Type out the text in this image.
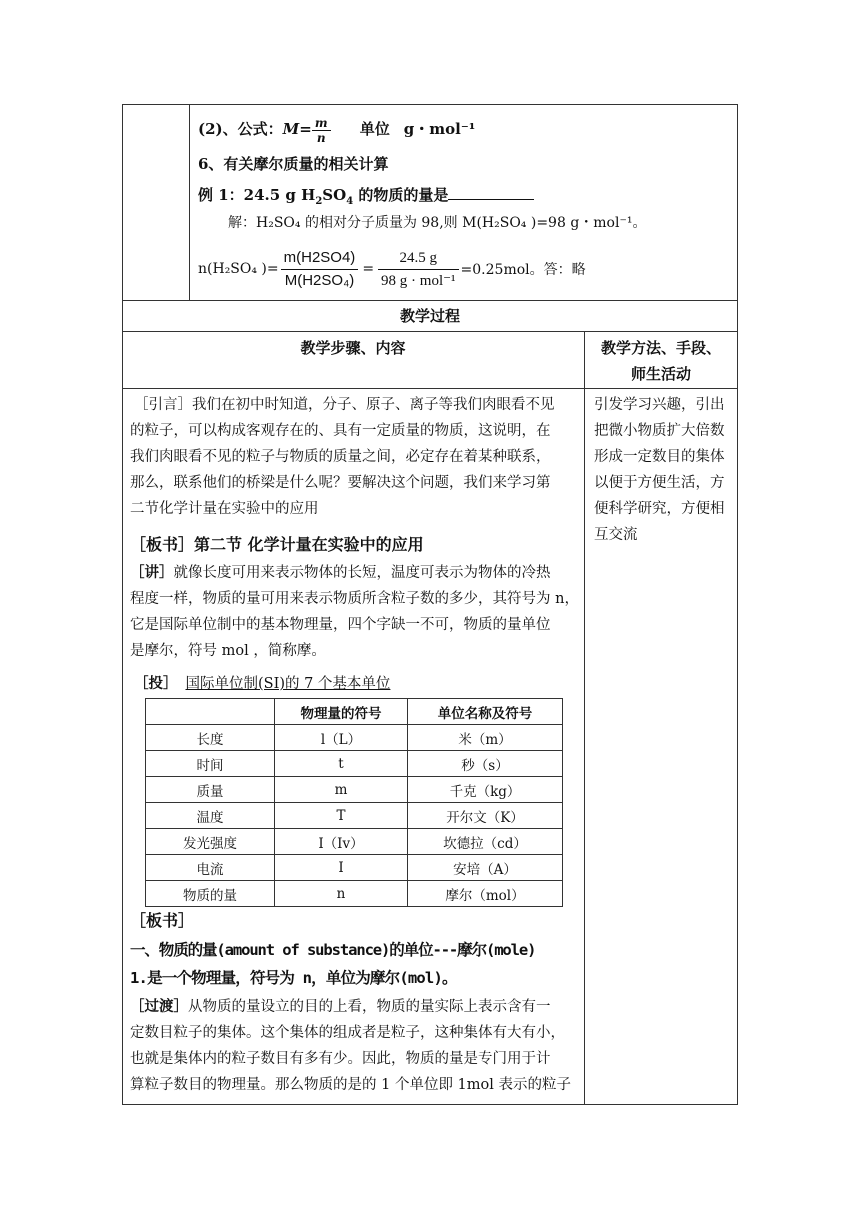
(2)、公式：$M= \frac{m}{n}$ 单位 g・mol⁻¹
6、有关摩尔质量的相关计算
例 1：24.5 g $H_2SO_4$ 的物质的量是
解：H₂SO₄ 的相对分子质量为 98,则 M(H₂SO₄ )=98 g・mol⁻¹。
n(H₂SO₄ )= $\frac{m(H2SO4)}{\text{M(H2SO₄)}} = \frac{24.5 g}{\text{98 g · mol⁻¹}} =0.25mol$。答：略
教学过程
教学步骤、内容	教学方法、手段、
师生活动
［引言］我们在初中时知道，分子、原子、离子等我们肉眼看不见
的粒子，可以构成客观存在的、具有一定质量的物质，这说明，在
我们肉眼看不见的粒子与物质的质量之间，必定存在着某种联系，
那么，联系他们的桥梁是什么呢？要解决这个问题，我们来学习第
二节化学计量在实验中的应用
［板书］第二节 化学计量在实验中的应用
［讲］就像长度可用来表示物体的长短，温度可表示为物体的冷热
程度一样，物质的量可用来表示物质所含粒子数的多少，其符号为 n，
它是国际单位制中的基本物理量，四个字缺一不可，物质的量单位
是摩尔，符号 mol ，简称摩。
［投］ 国际单位制(SI)的 7 个基本单位
	物理量的符号	单位名称及符号
长度	l（L）	米（m）
时间	t	秒（s）
质量	m	千克（kg）
温度	T	开尔文（K）
发光强度	I（Iv）	坎德拉（cd）
电流	I	安培（A）
物质的量	n	摩尔（mol）
［板书］
一、物质的量(amount of substance)的单位---摩尔(mole)
1.是一个物理量，符号为 n，单位为摩尔(mol)。
［过渡］从物质的量设立的目的上看，物质的量实际上表示含有一
定数目粒子的集体。这个集体的组成者是粒子，这种集体有大有小，
也就是集体内的粒子数目有多有少。因此，物质的量是专门用于计
算粒子数目的物理量。那么物质的是的 1 个单位即 1mol 表示的粒子
引发学习兴趣，引出
把微小物质扩大倍数
形成一定数目的集体
以便于方便生活，方
便科学研究，方便相
互交流
